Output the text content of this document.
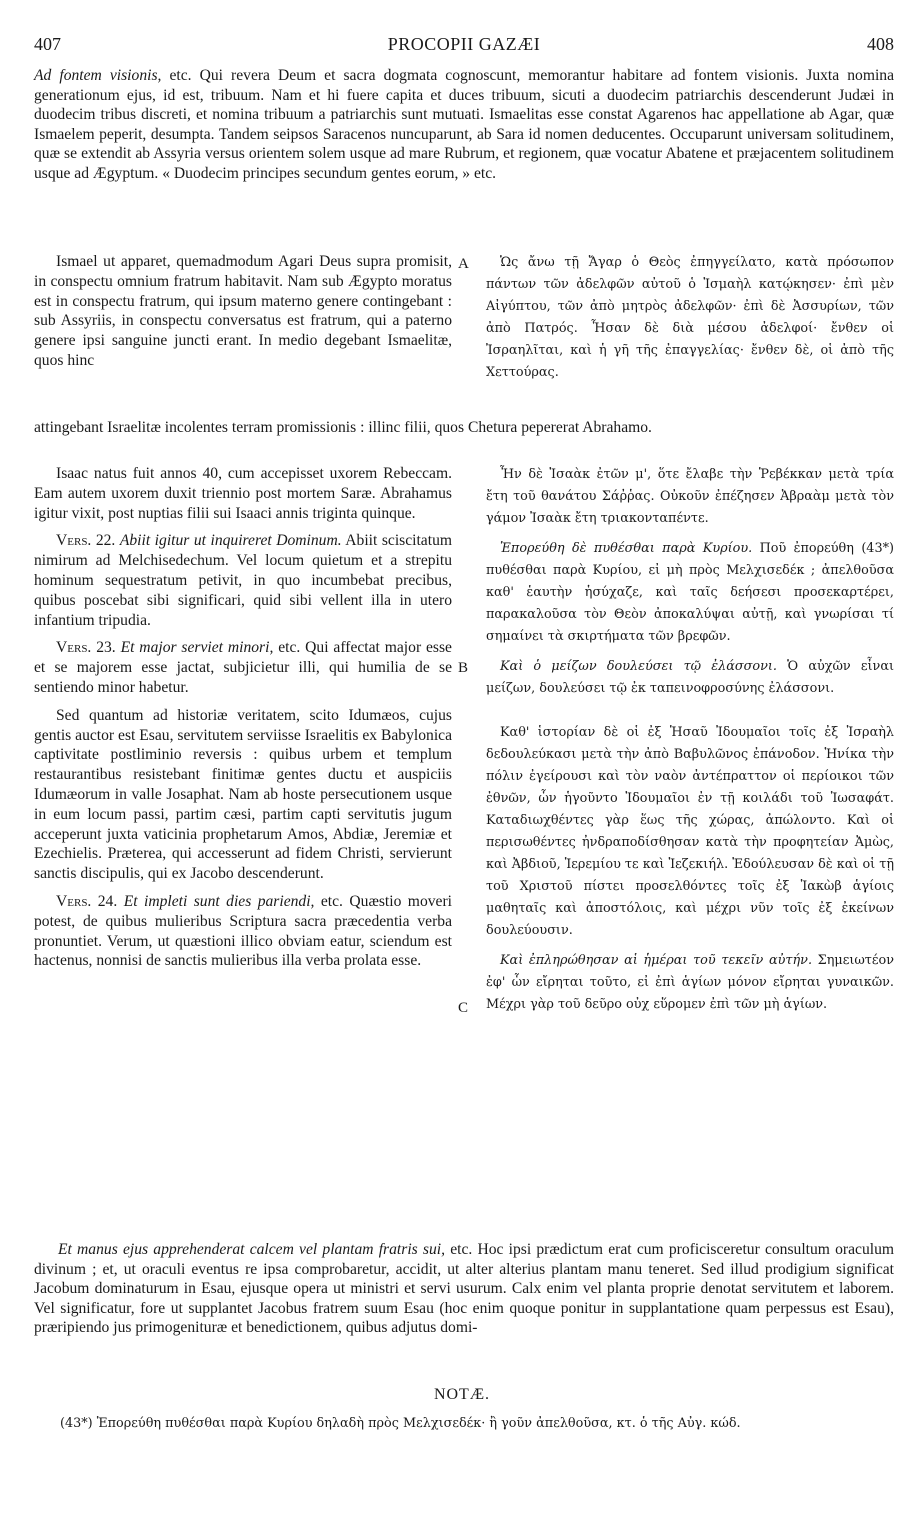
407	PROCOPII GAZÆI	408

Ad fontem visionis, etc. Qui revera Deum et sacra dogmata cognoscunt, memorantur habitare ad fontem visionis. Juxta nomina generationum ejus, id est, tribuum. Nam et hi fuere capita et duces tribuum, sicuti a duodecim patriarchis descenderunt Judæi in duodecim tribus discreti, et nomina tribuum a patriarchis sunt mutuati. Ismaelitas esse constat Agarenos hac appellatione ab Agar, quæ Ismaelem peperit, desumpta. Tandem seipsos Saracenos nuncuparunt, ab Sara id nomen deducentes. Occuparunt universam solitudinem, quæ se extendit ab Assyria versus orientem solem usque ad mare Rubrum, et regionem, quæ vocatur Abatene et præjacentem solitudinem usque ad Ægyptum. « Duodecim principes secundum gentes eorum, » etc.

Ismael ut apparet, quemadmodum Agari Deus supra promisit, in conspectu omnium fratrum habitavit. Nam sub Ægypto moratus est in conspectu fratrum, qui ipsum materno genere contingebant : sub Assyriis, in conspectu conversatus est fratrum, qui a paterno genere ipsi sanguine juncti erant. In medio degebant Ismaelitæ, quos hinc

Ὡς ἄνω τῇ Ἄγαρ ὁ Θεὸς ἐπηγγείλατο, κατὰ πρόσωπον πάντων τῶν ἀδελφῶν αὐτοῦ ὁ Ἰσμαὴλ κατῴκησεν· ἐπὶ μὲν Αἰγύπτου, τῶν ἀπὸ μητρὸς ἀδελφῶν· ἐπὶ δὲ Ἀσσυρίων, τῶν ἀπὸ Πατρός. Ἦσαν δὲ διὰ μέσου ἀδελφοί· ἔνθεν οἱ Ἰσραηλῖται, καὶ ἡ γῆ τῆς ἐπαγγελίας· ἔνθεν δὲ, οἱ ἀπὸ τῆς Χεττούρας.

A

attingebant Israelitæ incolentes terram promissionis : illinc filii, quos Chetura pepererat Abrahamo.

Isaac natus fuit annos 40, cum accepisset uxorem Rebeccam. Eam autem uxorem duxit triennio post mortem Saræ. Abrahamus igitur vixit, post nuptias filii sui Isaaci annis triginta quinque.

Vers. 22. Abiit igitur ut inquireret Dominum. Abiit sciscitatum nimirum ad Melchisedechum. Vel locum quietum et a strepitu hominum sequestratum petivit, in quo incumbebat precibus, quibus poscebat sibi significari, quid sibi vellent illa in utero infantium tripudia.

Vers. 23. Et major serviet minori, etc. Qui affectat major esse et se majorem esse jactat, subjicietur illi, qui humilia de se sentiendo minor habetur.

Sed quantum ad historiæ veritatem, scito Idumæos, cujus gentis auctor est Esau, servitutem serviisse Israelitis ex Babylonica captivitate postliminio reversis : quibus urbem et templum restaurantibus resistebant finitimæ gentes ductu et auspiciis Idumæorum in valle Josaphat. Nam ab hoste persecutionem usque in eum locum passi, partim cæsi, partim capti servitutis jugum acceperunt juxta vaticinia prophetarum Amos, Abdiæ, Jeremiæ et Ezechielis. Præterea, qui accesserunt ad fidem Christi, servierunt sanctis discipulis, qui ex Jacobo descenderunt.

Vers. 24. Et impleti sunt dies pariendi, etc. Quæstio moveri potest, de quibus mulieribus Scriptura sacra præcedentia verba pronuntiet. Verum, ut quæstioni illico obviam eatur, sciendum est hactenus, nonnisi de sanctis mulieribus illa verba prolata esse.

Ἦν δὲ Ἰσαὰκ ἐτῶν μ', ὅτε ἔλαβε τὴν Ῥεβέκκαν μετὰ τρία ἔτη τοῦ θανάτου Σάῤῥας. Οὐκοῦν ἐπέζησεν Ἀβραὰμ μετὰ τὸν γάμον Ἰσαὰκ ἔτη τριακονταπέντε.

Ἐπορεύθη δὲ πυθέσθαι παρὰ Κυρίου. Ποῦ ἐπορεύθη (43*) πυθέσθαι παρὰ Κυρίου, εἰ μὴ πρὸς Μελχισεδέκ ; ἀπελθοῦσα καθ' ἑαυτὴν ἡσύχαζε, καὶ ταῖς δεήσεσι προσεκαρτέρει, παρακαλοῦσα τὸν Θεὸν ἀποκαλύψαι αὐτῇ, καὶ γνωρίσαι τί σημαίνει τὰ σκιρτήματα τῶν βρεφῶν.

Καὶ ὁ μείζων δουλεύσει τῷ ἐλάσσονι. Ὁ αὐχῶν εἶναι μείζων, δουλεύσει τῷ ἐκ ταπεινοφροσύνης ἐλάσσονι.

Καθ' ἱστορίαν δὲ οἱ ἐξ Ἡσαῦ Ἰδουμαῖοι τοῖς ἐξ Ἰσραὴλ δεδουλεύκασι μετὰ τὴν ἀπὸ Βαβυλῶνος ἐπάνοδον. Ἡνίκα τὴν πόλιν ἐγείρουσι καὶ τὸν ναὸν ἀντέπραττον οἱ περίοικοι τῶν ἐθνῶν, ὧν ἡγοῦντο Ἰδουμαῖοι ἐν τῇ κοιλάδι τοῦ Ἰωσαφάτ. Καταδιωχθέντες γὰρ ἕως τῆς χώρας, ἀπώλοντο. Καὶ οἱ περισωθέντες ἠνδραποδίσθησαν κατὰ τὴν προφητείαν Ἀμὼς, καὶ Ἀβδιοῦ, Ἱερεμίου τε καὶ Ἰεζεκιήλ. Ἐδούλευσαν δὲ καὶ οἱ τῇ τοῦ Χριστοῦ πίστει προσελθόντες τοῖς ἐξ Ἰακὼβ ἁγίοις μαθηταῖς καὶ ἀποστόλοις, καὶ μέχρι νῦν τοῖς ἐξ ἐκείνων δουλεύουσιν.

Καὶ ἐπληρώθησαν αἱ ἡμέραι τοῦ τεκεῖν αὐτήν. Σημειωτέον ἐφ' ὧν εἴρηται τοῦτο, εἰ ἐπὶ ἁγίων μόνον εἴρηται γυναικῶν. Μέχρι γὰρ τοῦ δεῦρο οὐχ εὕρομεν ἐπὶ τῶν μὴ ἁγίων.

B
C

Et manus ejus apprehenderat calcem vel plantam fratris sui, etc. Hoc ipsi prædictum erat cum proficisceretur consultum oraculum divinum ; et, ut oraculi eventus re ipsa comprobaretur, accidit, ut alter alterius plantam manu teneret. Sed illud prodigium significat Jacobum dominaturum in Esau, ejusque opera ut ministri et servi usurum. Calx enim vel planta proprie denotat servitutem et laborem. Vel significatur, fore ut supplantet Jacobus fratrem suum Esau (hoc enim quoque ponitur in supplantatione quam perpessus est Esau), præripiendo jus primogenituræ et benedictionem, quibus adjutus domi-

NOTÆ.
(43*) Ἐπορεύθη πυθέσθαι παρὰ Κυρίου δηλαδὴ πρὸς Μελχισεδέκ· ἢ γοῦν ἀπελθοῦσα, κτ. ὁ τῆς Αὐγ. κώδ.
